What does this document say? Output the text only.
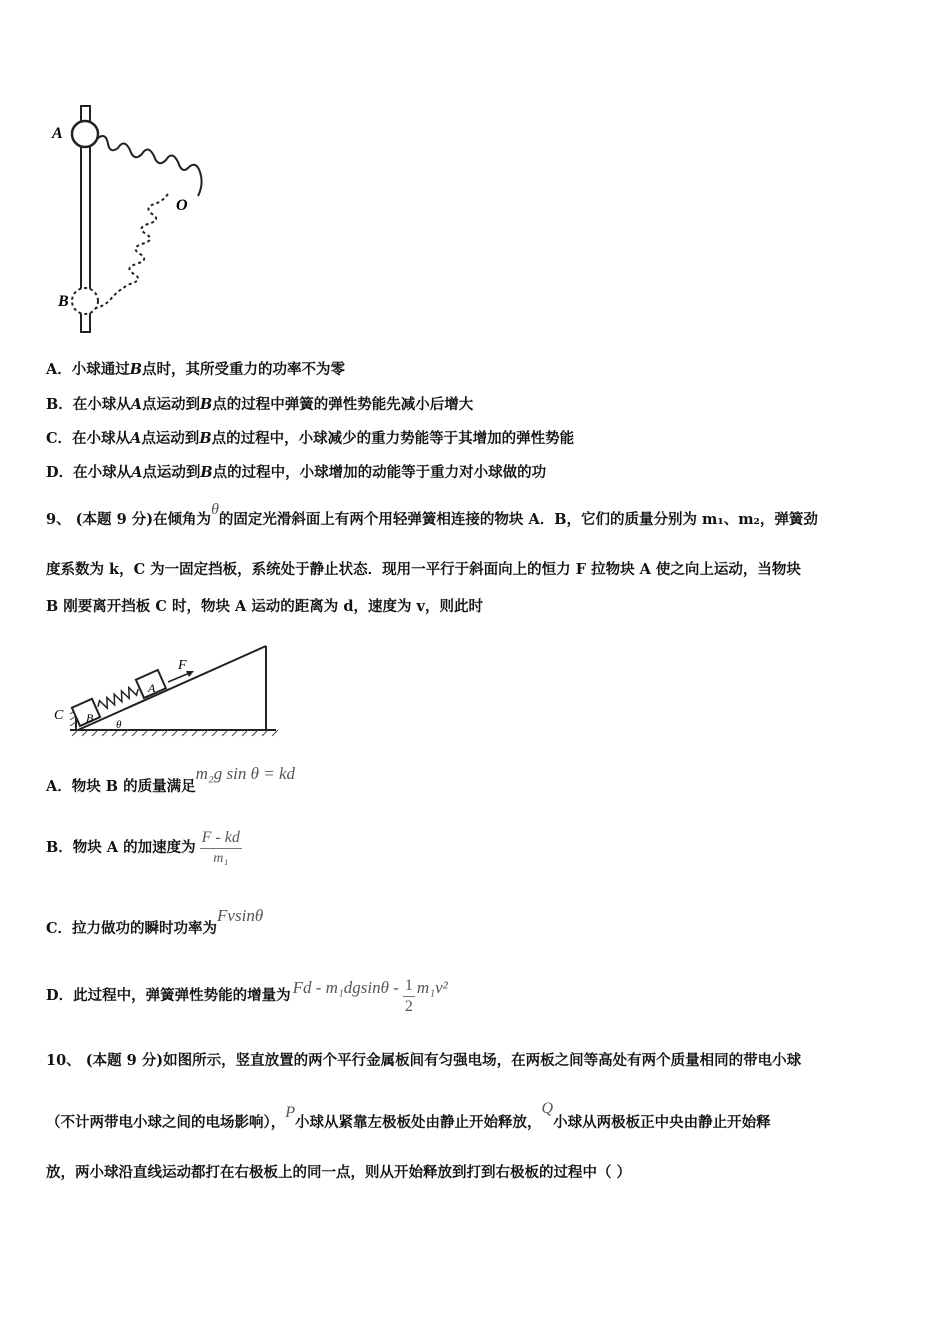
A
O
B
A．小球通过B点时，其所受重力的功率不为零
B．在小球从A点运动到B点的过程中弹簧的弹性势能先减小后增大
C．在小球从A点运动到B点的过程中，小球减少的重力势能等于其增加的弹性势能
D．在小球从A点运动到B点的过程中，小球增加的动能等于重力对小球做的功
9、 (本题 9 分)在倾角为θ的固定光滑斜面上有两个用轻弹簧相连接的物块 A．B，它们的质量分别为 m₁、m₂，弹簧劲
度系数为 k，C 为一固定挡板，系统处于静止状态．现用一平行于斜面向上的恒力 F 拉物块 A 使之向上运动，当物块
B 刚要离开挡板 C 时，物块 A 运动的距离为 d，速度为 v，则此时
F
A
B
C
θ
A．物块 B 的质量满足m₂g sin θ = kd
B．物块 A 的加速度为 $\frac{F - kd}{\text{m₁}}$
C．拉力做功的瞬时功率为Fvsinθ
D．此过程中，弹簧弹性势能的增量为 Fd - $m_1dgsin\theta - \frac{1}{2} m_1v^2$
10、 (本题 9 分)如图所示，竖直放置的两个平行金属板间有匀强电场，在两板之间等高处有两个质量相同的带电小球
（不计两带电小球之间的电场影响），P小球从紧靠左极板处由静止开始释放，Q小球从两极板正中央由静止开始释
放，两小球沿直线运动都打在右极板上的同一点，则从开始释放到打到右极板的过程中（ ）
